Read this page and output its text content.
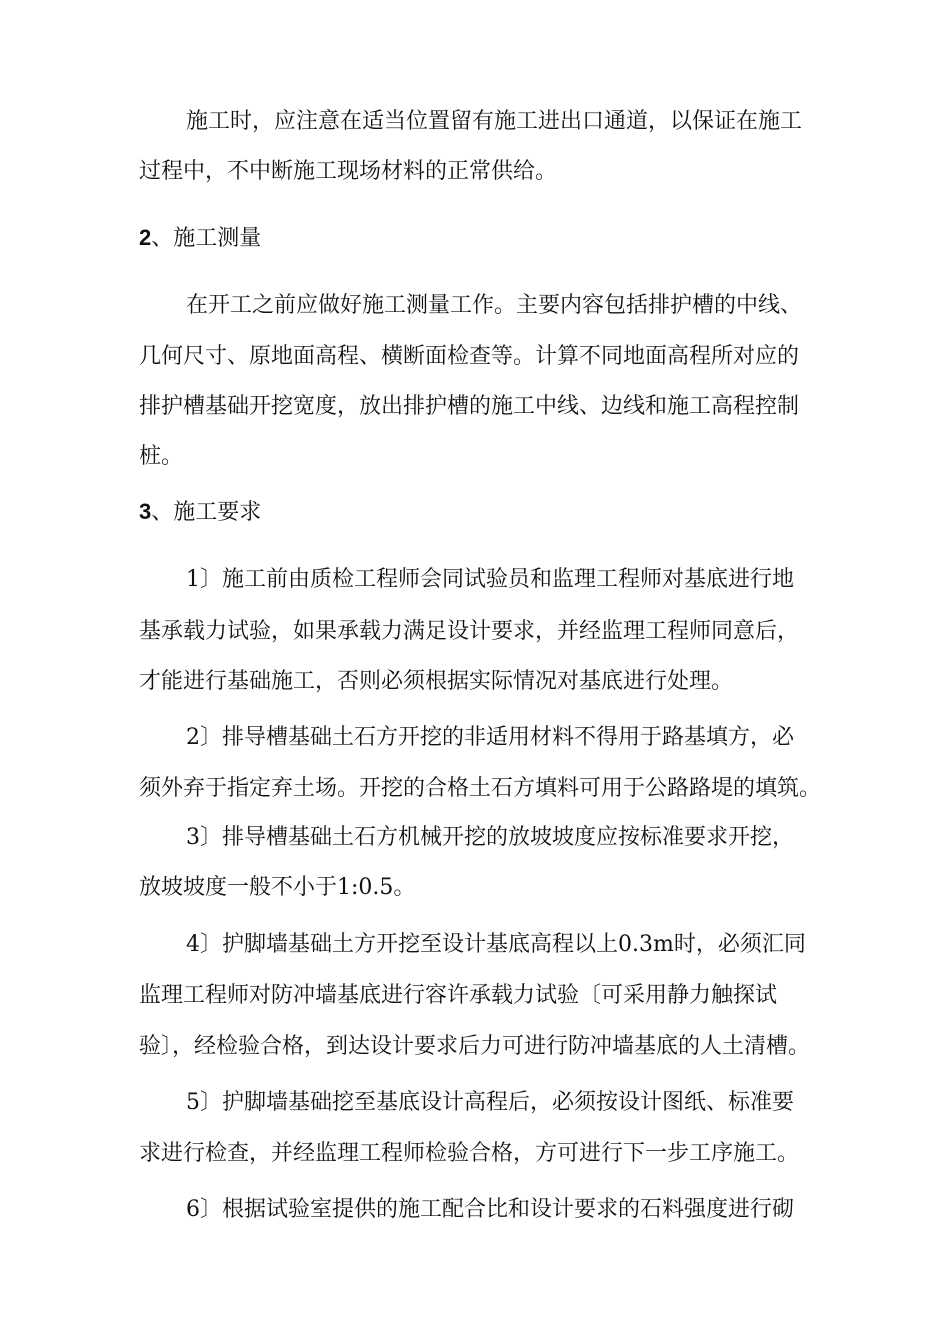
施工时，应注意在适当位置留有施工进出口通道，以保证在施工
过程中，不中断施工现场材料的正常供给。
2、施工测量
在开工之前应做好施工测量工作。主要内容包括排护槽的中线、
几何尺寸、原地面高程、横断面检查等。计算不同地面高程所对应的
排护槽基础开挖宽度，放出排护槽的施工中线、边线和施工高程控制
桩。
3、施工要求
1〕施工前由质检工程师会同试验员和监理工程师对基底进行地
基承载力试验，如果承载力满足设计要求，并经监理工程师同意后，
才能进行基础施工，否则必须根据实际情况对基底进行处理。
2〕排导槽基础土石方开挖的非适用材料不得用于路基填方，必
须外弃于指定弃土场。开挖的合格土石方填料可用于公路路堤的填筑。
3〕排导槽基础土石方机械开挖的放坡坡度应按标准要求开挖，
放坡坡度一般不小于1:0.5。
4〕护脚墙基础土方开挖至设计基底高程以上0.3m时，必须汇同
监理工程师对防冲墙基底进行容许承载力试验〔可采用静力触探试
验〕，经检验合格，到达设计要求后力可进行防冲墙基底的人土清槽。
5〕护脚墙基础挖至基底设计高程后，必须按设计图纸、标准要
求进行检查，并经监理工程师检验合格，方可进行下一步工序施工。
6〕根据试验室提供的施工配合比和设计要求的石料强度进行砌
